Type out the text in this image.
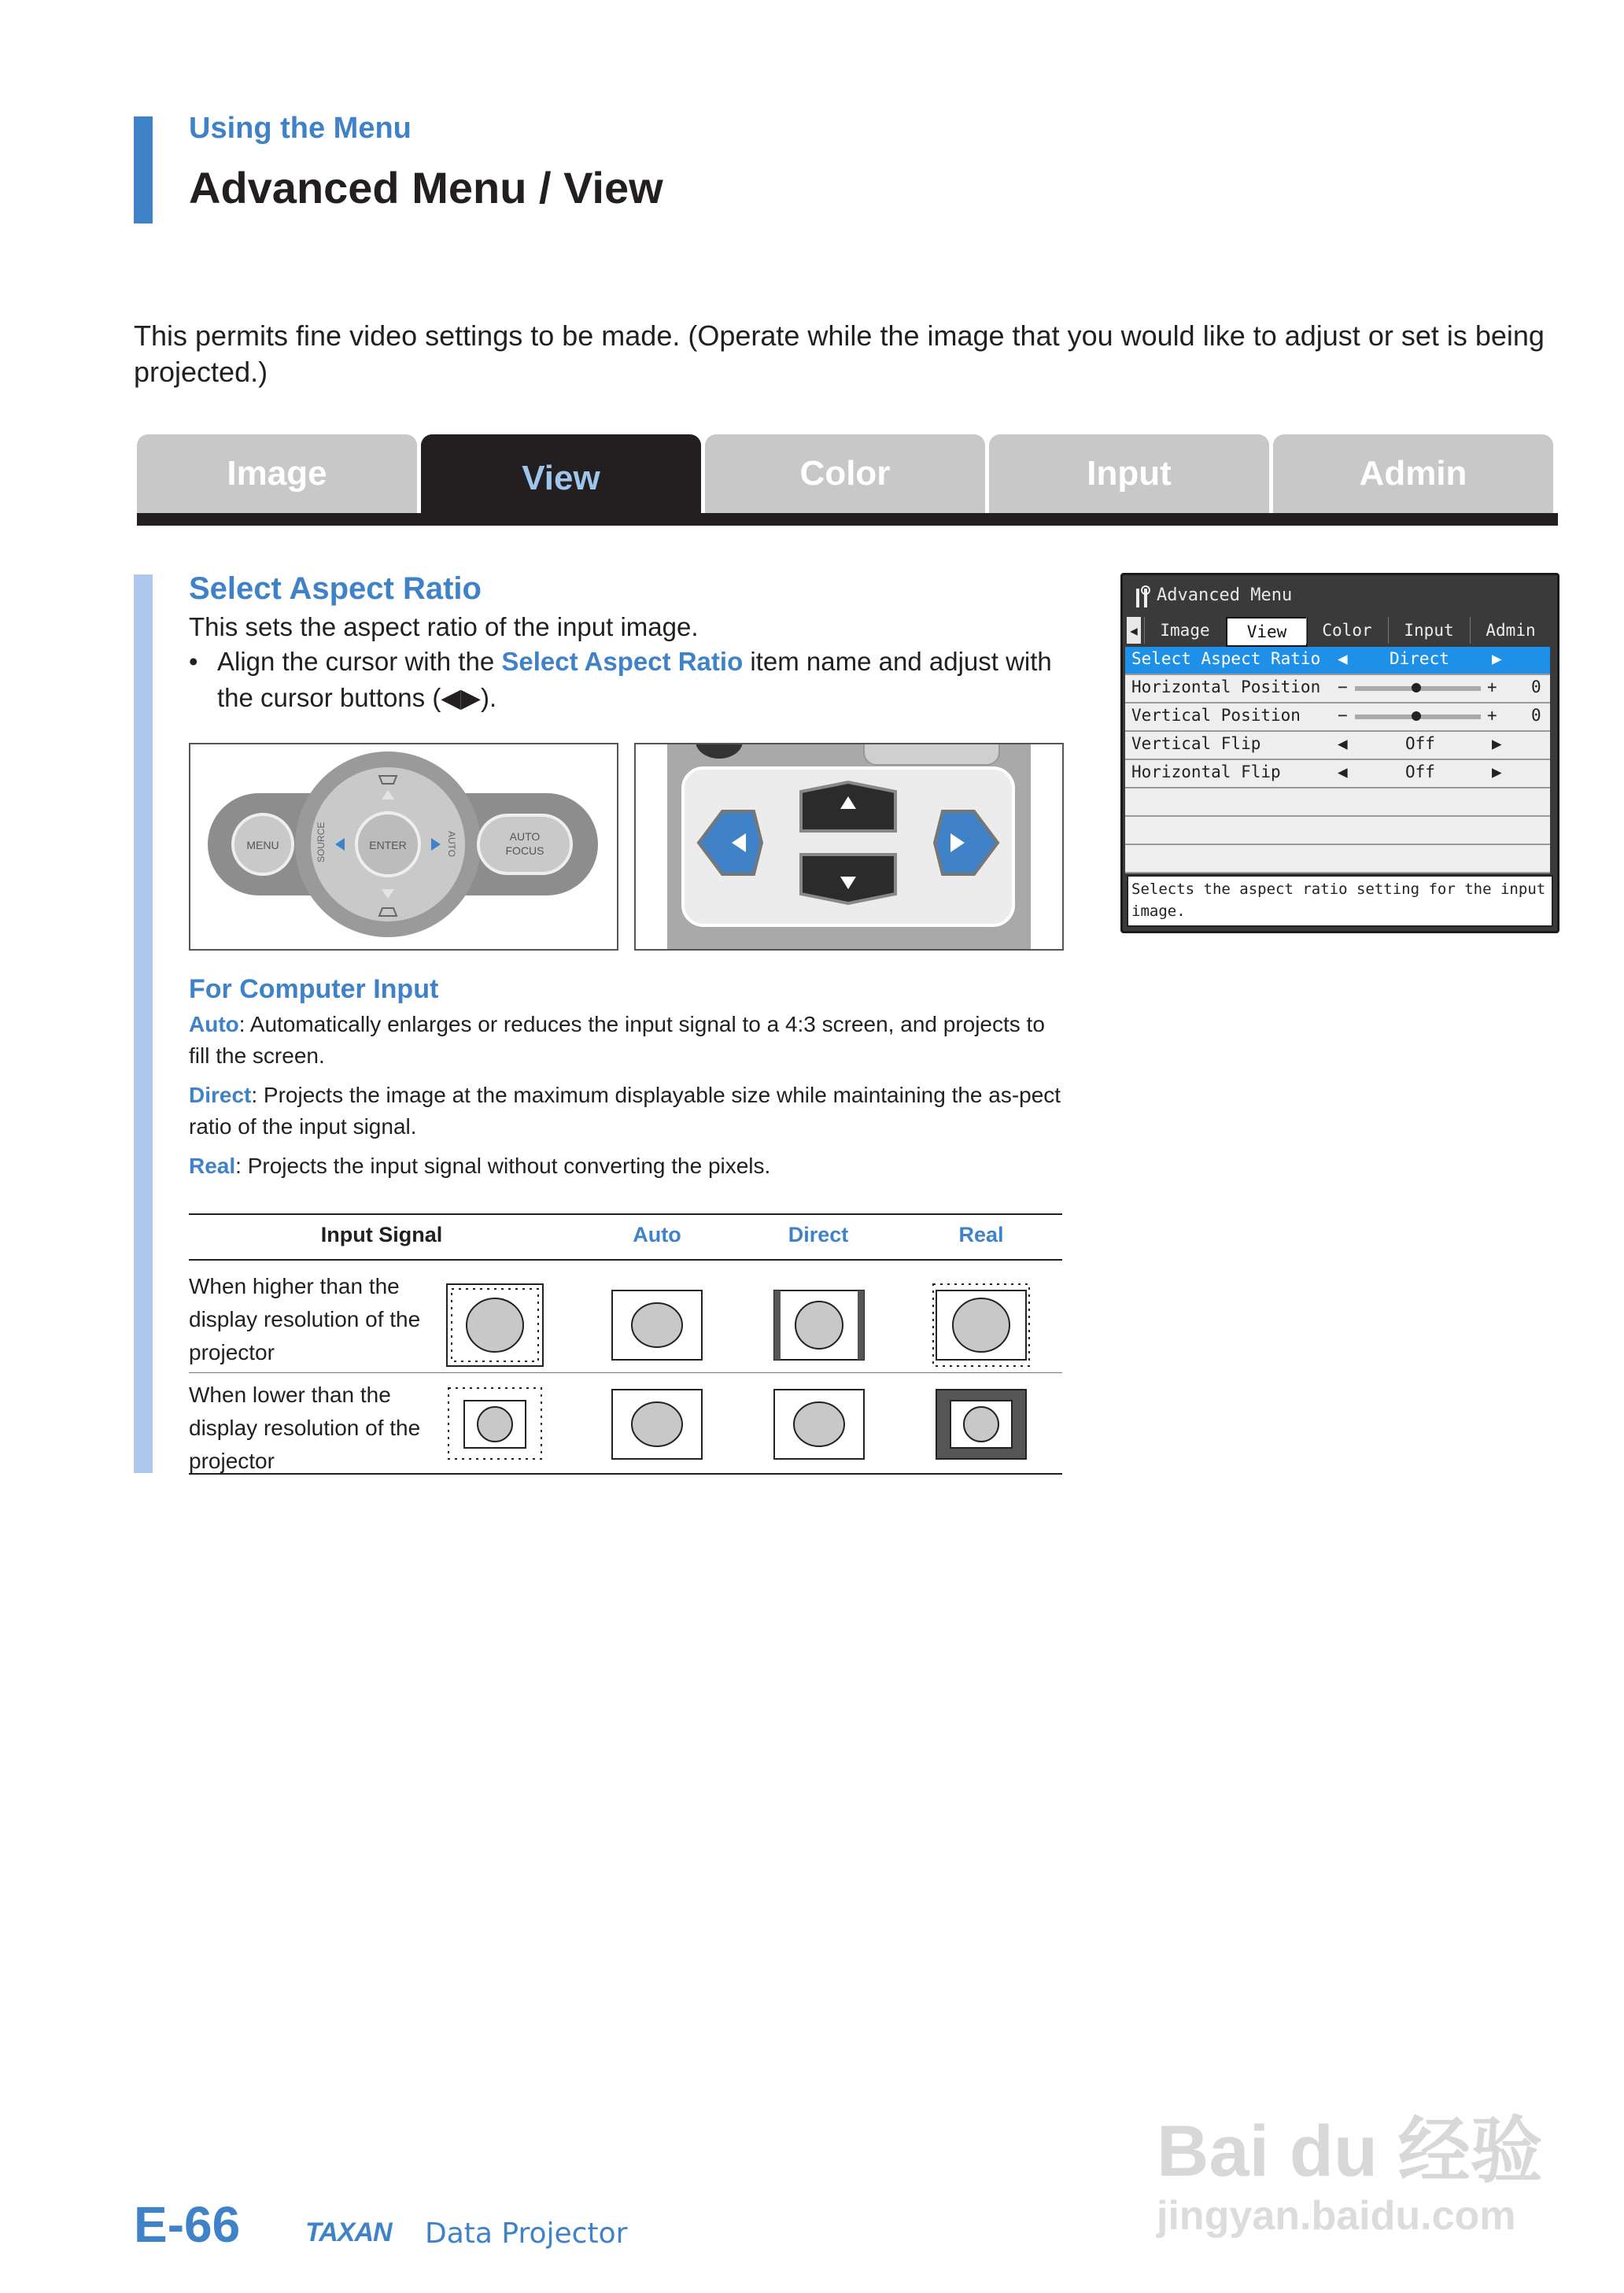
Using the Menu
Advanced Menu / View
This permits fine video settings to be made. (Operate while the image that you would like to adjust or set is being projected.)
Image	View	Color	Input	Admin
Select Aspect Ratio
This sets the aspect ratio of the input image.
• Align the cursor with the Select Aspect Ratio item name and adjust with the cursor buttons (◀▶).
MENU	ENTER
AUTO
FOCUS
SOURCE	AUTO
For Computer Input
Auto: Automatically enlarges or reduces the input signal to a 4:3 screen, and projects to fill the screen.
Direct: Projects the image at the maximum displayable size while maintaining the as-pect ratio of the input signal.
Real: Projects the input signal without converting the pixels.
Input Signal	Auto	Direct	Real
When higher than the display resolution of the projector
When lower than the display resolution of the projector
Advanced Menu
◀	Image	View	Color	Input	Admin
Select Aspect Ratio ◀	Direct	▶
Horizontal Position −	+ 0
Vertical Position −	+ 0
Vertical Flip	◀	Off	▶
Horizontal Flip	◀	Off	▶
Selects the aspect ratio setting for the input image.
E-66 TAXAN Data Projector
Bai du 经验
jingyan.baidu.com
